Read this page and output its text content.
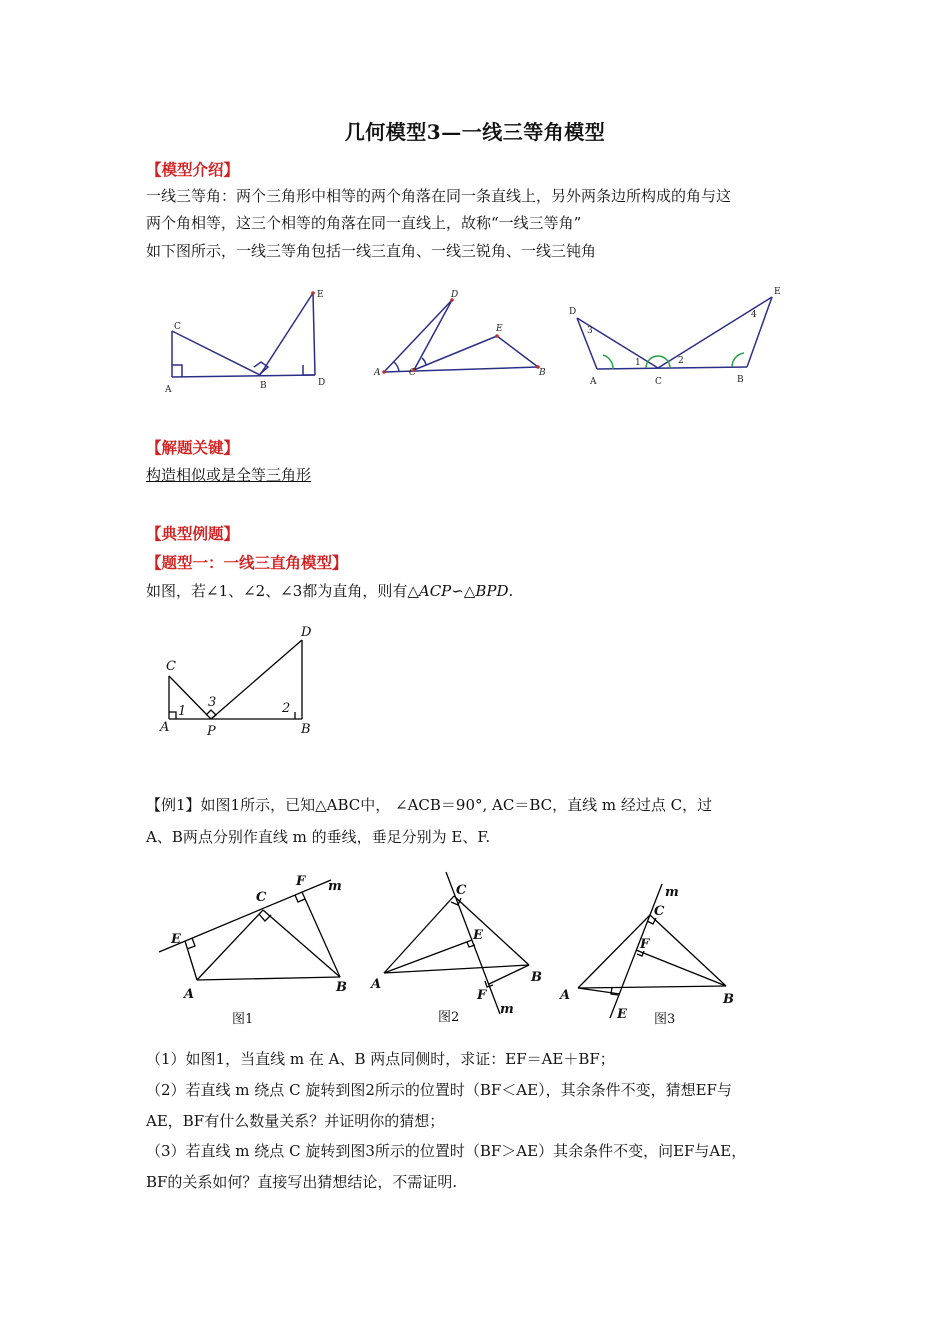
几何模型3—一线三等角模型
【模型介绍】
一线三等角：两个三角形中相等的两个角落在同一条直线上，另外两条边所构成的角与这
两个角相等，这三个相等的角落在同一直线上，故称“一线三等角”
如下图所示，一线三等角包括一线三直角、一线三锐角、一线三钝角
C
A	B	D
E	D
E
A	C	B
D
3
1	2
4
E
A	C	B
【解题关键】
构造相似或是全等三角形
【典型例题】
【题型一：一线三直角模型】
如图，若∠1、∠2、∠3都为直角，则有△ACP∽△BPD.
C
A
1
3
P
2
D
B
【例1】如图1所示，已知△ABC中， ∠ACB＝90°, AC＝BC，直线 m 经过点 C，过
A、B两点分别作直线 m 的垂线，垂足分别为 E、F.
C
F m
E
A	B
图1
C
E
A	B
F
m
图2
m
C
F
A	B
E 图3
（1）如图1，当直线 m 在 A、B 两点同侧时，求证：EF＝AE＋BF；
（2）若直线 m 绕点 C 旋转到图2所示的位置时（BF＜AE），其余条件不变，猜想EF与
AE，BF有什么数量关系？并证明你的猜想；
（3）若直线 m 绕点 C 旋转到图3所示的位置时（BF＞AE）其余条件不变，问EF与AE，
BF的关系如何？直接写出猜想结论，不需证明.
